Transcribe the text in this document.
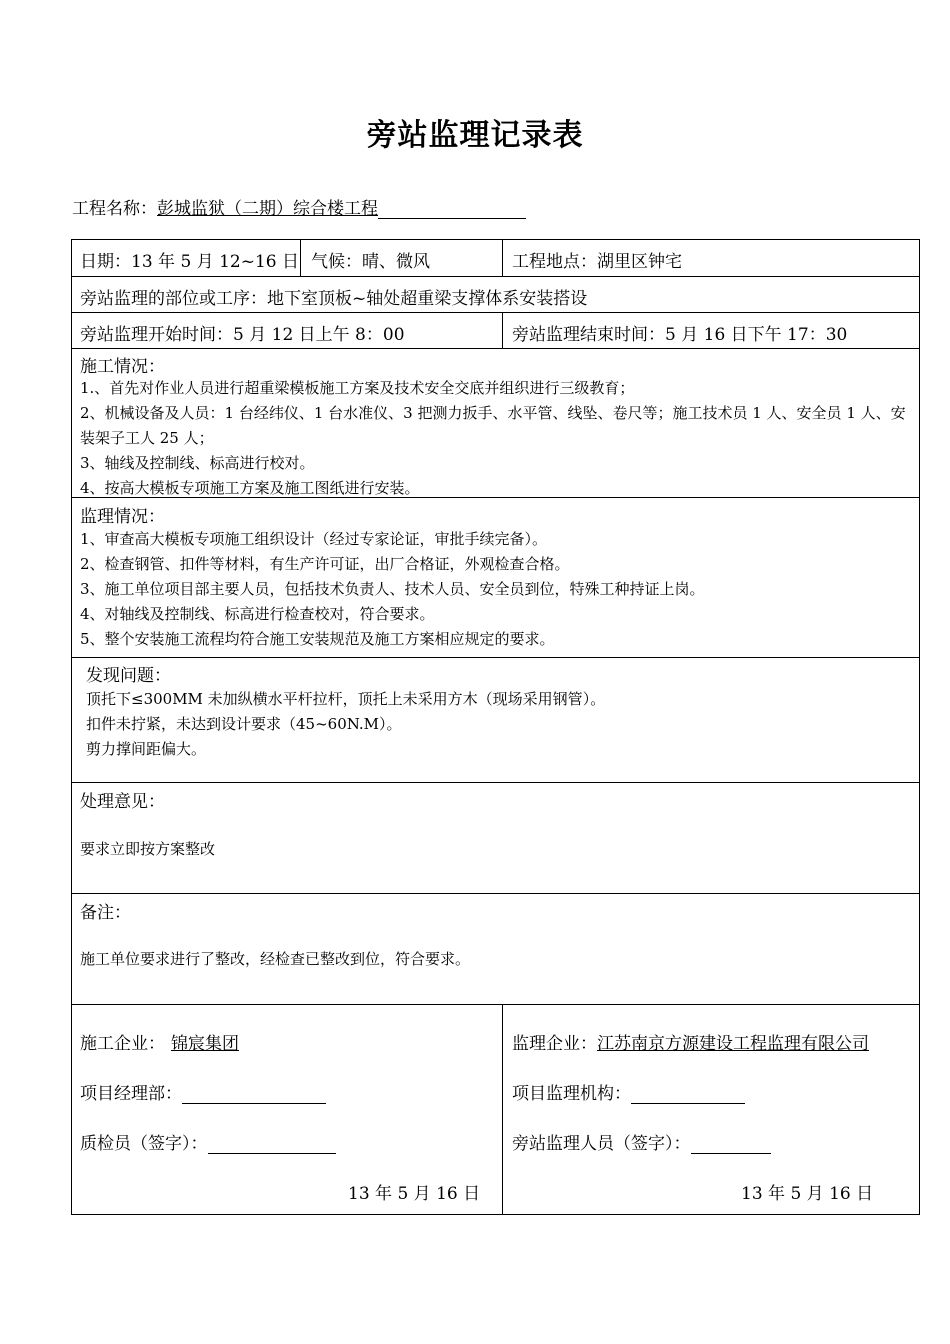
旁站监理记录表
工程名称：彭城监狱（二期）综合楼工程
日期：13 年 5 月 12~16 日 气候：晴、微风	工程地点：湖里区钟宅
旁站监理的部位或工序：地下室顶板~轴处超重梁支撑体系安装搭设
旁站监理开始时间：5 月 12 日上午 8：00	旁站监理结束时间：5 月 16 日下午 17：30
施工情况：
1.、首先对作业人员进行超重梁模板施工方案及技术安全交底并组织进行三级教育；
2、机械设备及人员：1 台经纬仪、1 台水准仪、3 把测力扳手、水平管、线坠、卷尺等；施工技术员 1 人、安全员 1 人、安
装架子工人 25 人；
3、轴线及控制线、标高进行校对。
4、按高大模板专项施工方案及施工图纸进行安装。
监理情况：
1、审查高大模板专项施工组织设计（经过专家论证，审批手续完备）。
2、检查钢管、扣件等材料，有生产许可证，出厂合格证，外观检查合格。
3、施工单位项目部主要人员，包括技术负责人、技术人员、安全员到位，特殊工种持证上岗。
4、对轴线及控制线、标高进行检查校对，符合要求。
5、整个安装施工流程均符合施工安装规范及施工方案相应规定的要求。
发现问题：
顶托下≤300MM 未加纵横水平杆拉杆，顶托上未采用方木（现场采用钢管）。
扣件未拧紧，未达到设计要求（45~60N.M）。
剪力撑间距偏大。
处理意见：
要求立即按方案整改
备注：
施工单位要求进行了整改，经检查已整改到位，符合要求。
施工企业： 锦宸集团
项目经理部：
质检员（签字）：
13 年 5 月 16 日
监理企业：江苏南京方源建设工程监理有限公司
项目监理机构：
旁站监理人员（签字）：
13 年 5 月 16 日
